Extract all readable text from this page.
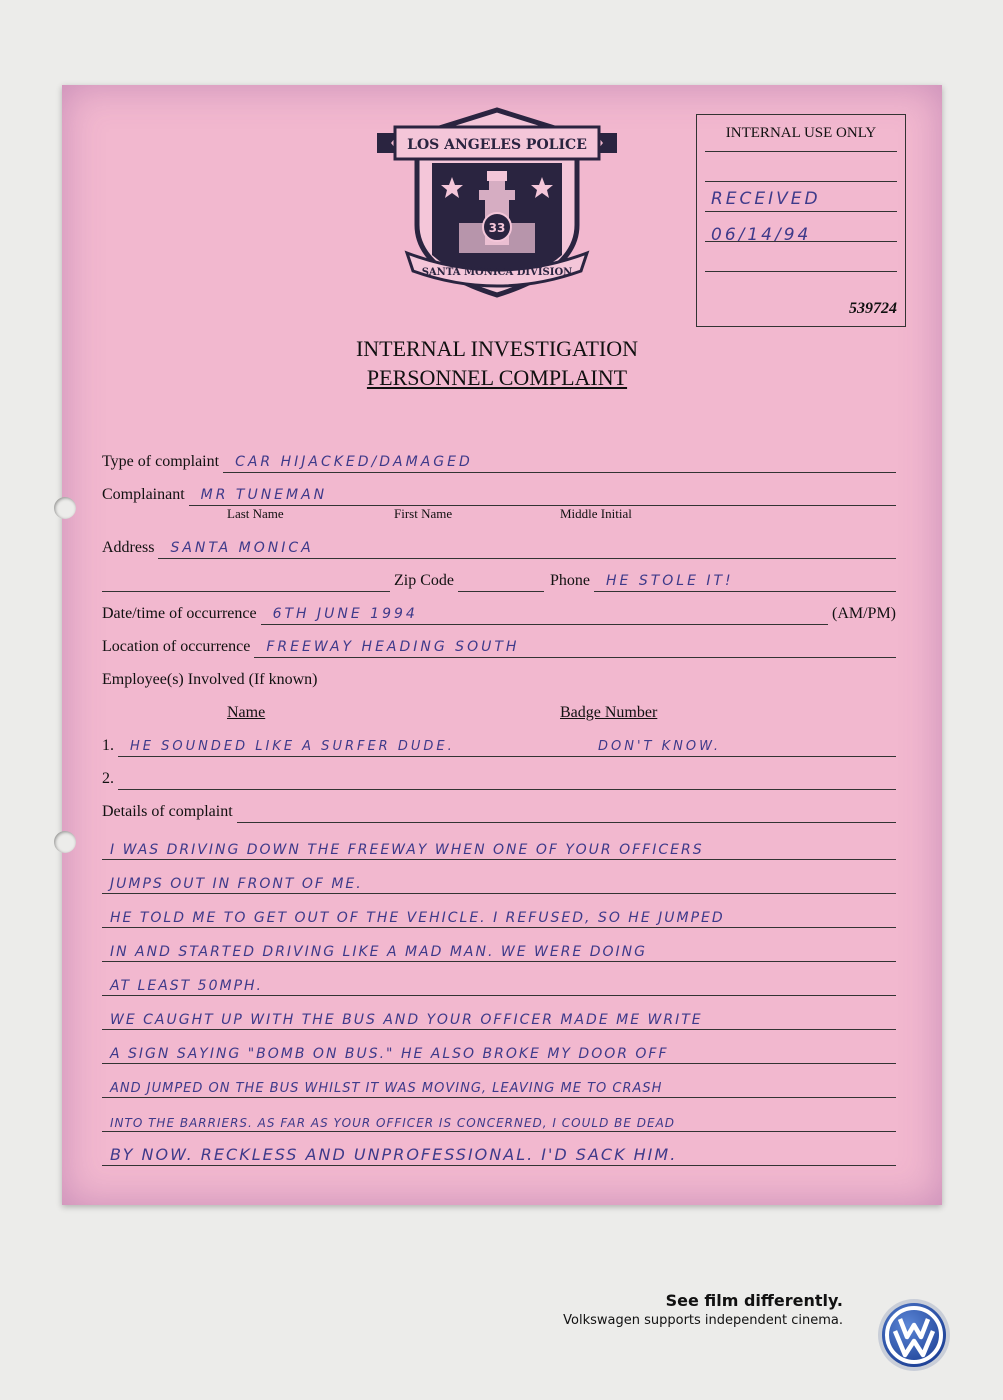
33
LOS ANGELES POLICE
SANTA MONICA DIVISION
INTERNAL USE ONLY
RECEIVED
06/14/94
539724
INTERNAL INVESTIGATION
PERSONNEL COMPLAINT
Type of complaint CAR HIJACKED/DAMAGED
Complainant MR TUNEMAN
Last Name	First Name	Middle Initial
Address SANTA MONICA
Zip Code	Phone HE STOLE IT!
Date/time of occurrence 6TH JUNE 1994	(AM/PM)
Location of occurrence FREEWAY HEADING SOUTH
Employee(s) Involved (If known)
Name	Badge Number
1. HE SOUNDED LIKE A SURFER DUDE.	DON'T KNOW.
2.
Details of complaint
I WAS DRIVING DOWN THE FREEWAY WHEN ONE OF YOUR OFFICERS
JUMPS OUT IN FRONT OF ME.
HE TOLD ME TO GET OUT OF THE VEHICLE. I REFUSED, SO HE JUMPED
IN AND STARTED DRIVING LIKE A MAD MAN. WE WERE DOING
AT LEAST 50MPH.
WE CAUGHT UP WITH THE BUS AND YOUR OFFICER MADE ME WRITE
A SIGN SAYING "BOMB ON BUS." HE ALSO BROKE MY DOOR OFF
AND JUMPED ON THE BUS WHILST IT WAS MOVING, LEAVING ME TO CRASH
INTO THE BARRIERS. AS FAR AS YOUR OFFICER IS CONCERNED, I COULD BE DEAD
BY NOW. RECKLESS AND UNPROFESSIONAL. I'D SACK HIM.
See film differently.
Volkswagen supports independent cinema.
